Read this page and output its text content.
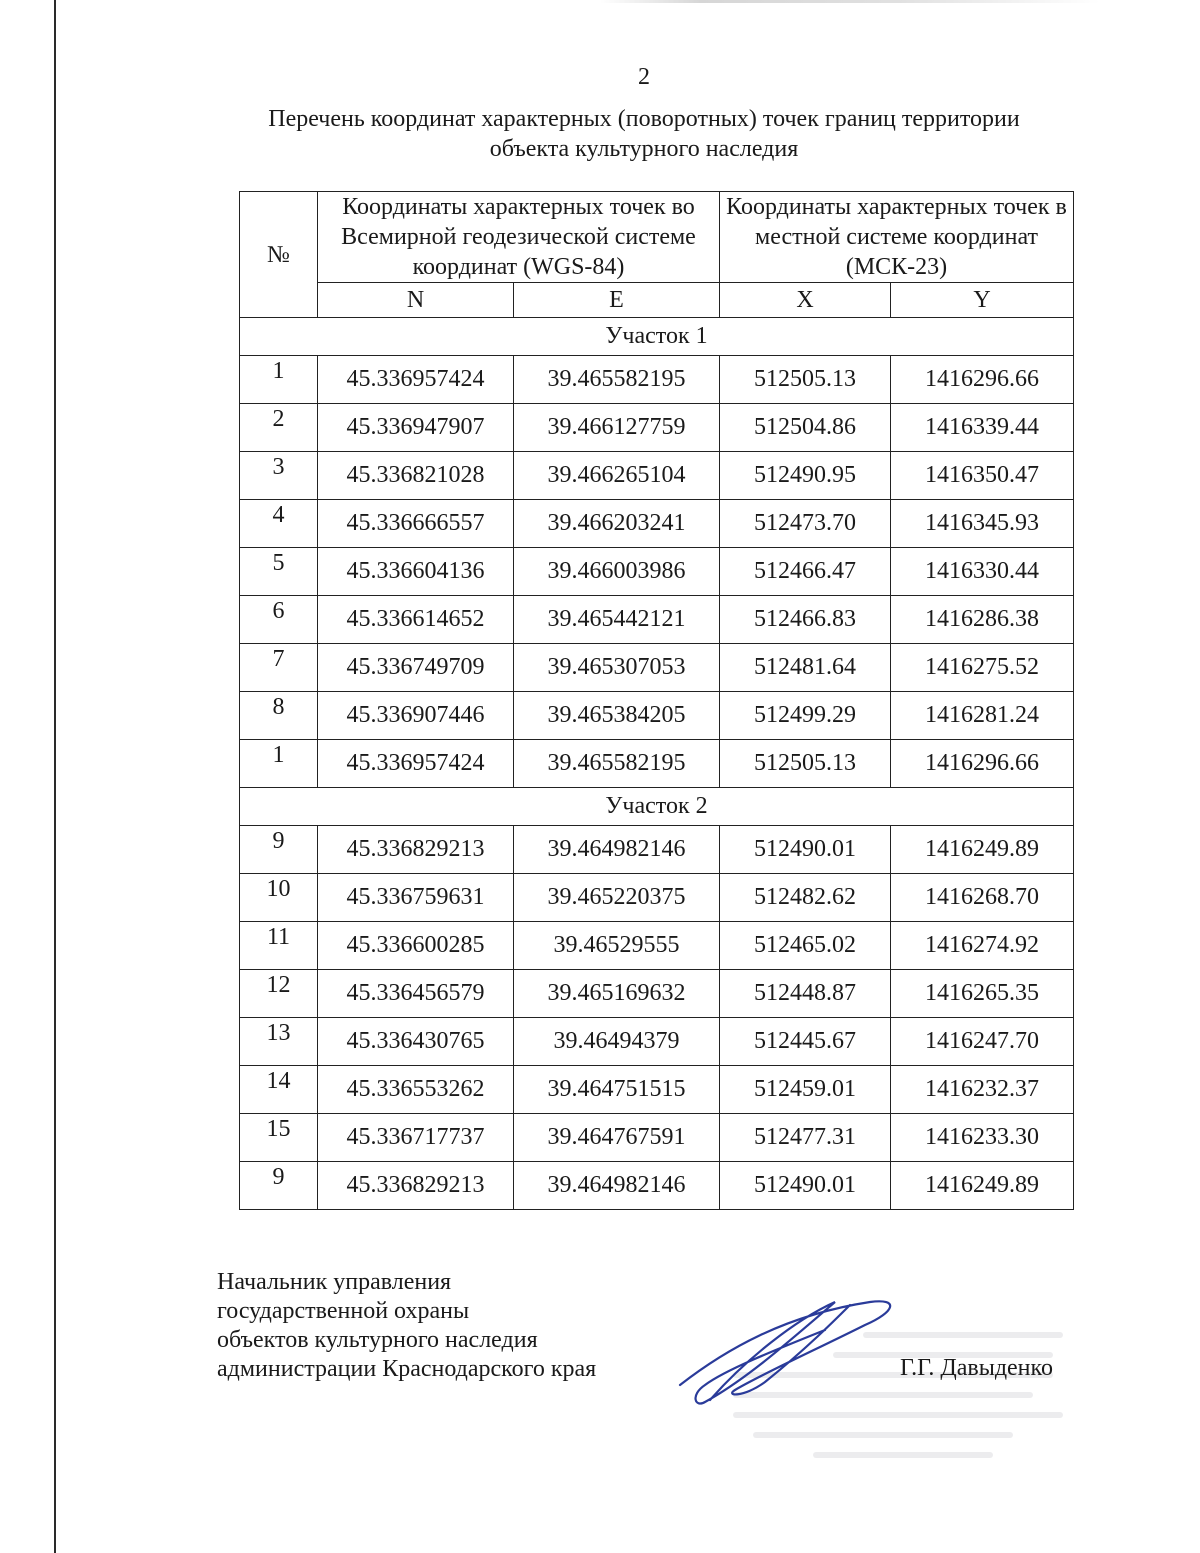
2
Перечень координат характерных (поворотных) точек границ территории
объекта культурного наследия
№	Координаты характерных точек во Всемирной геодезической системе координат (WGS-84)		Координаты характерных точек в местной системе координат (МСК-23)	
	N	E	X	Y
Участок 1				
1	45.336957424	39.465582195	512505.13	1416296.66
2	45.336947907	39.466127759	512504.86	1416339.44
3	45.336821028	39.466265104	512490.95	1416350.47
4	45.336666557	39.466203241	512473.70	1416345.93
5	45.336604136	39.466003986	512466.47	1416330.44
6	45.336614652	39.465442121	512466.83	1416286.38
7	45.336749709	39.465307053	512481.64	1416275.52
8	45.336907446	39.465384205	512499.29	1416281.24
1	45.336957424	39.465582195	512505.13	1416296.66
Участок 2				
9	45.336829213	39.464982146	512490.01	1416249.89
10	45.336759631	39.465220375	512482.62	1416268.70
11	45.336600285	39.46529555	512465.02	1416274.92
12	45.336456579	39.465169632	512448.87	1416265.35
13	45.336430765	39.46494379	512445.67	1416247.70
14	45.336553262	39.464751515	512459.01	1416232.37
15	45.336717737	39.464767591	512477.31	1416233.30
9	45.336829213	39.464982146	512490.01	1416249.89
Начальник управления
государственной охраны
объектов культурного наследия
администрации Краснодарского края	Г.Г. Давыденко
